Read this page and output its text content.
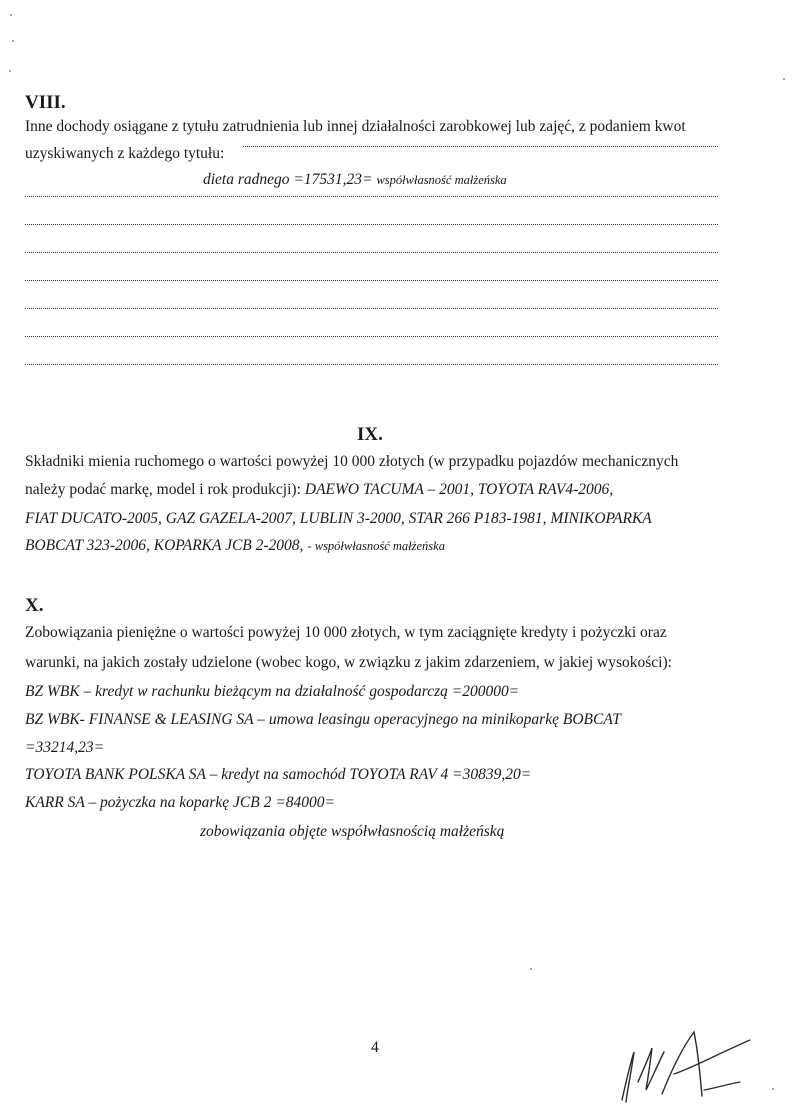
VIII.
Inne dochody osiągane z tytułu zatrudnienia lub innej działalności zarobkowej lub zajęć, z podaniem kwot
uzyskiwanych z każdego tytułu:
dieta radnego =17531,23= współwłasność małżeńska
IX.
Składniki mienia ruchomego o wartości powyżej 10 000 złotych (w przypadku pojazdów mechanicznych
należy podać markę, model i rok produkcji): DAEWO TACUMA – 2001, TOYOTA RAV4-2006,
FIAT DUCATO-2005, GAZ GAZELA-2007, LUBLIN 3-2000, STAR 266 P183-1981, MINIKOPARKA
BOBCAT 323-2006, KOPARKA JCB 2-2008, - współwłasność małżeńska
X.
Zobowiązania pieniężne o wartości powyżej 10 000 złotych, w tym zaciągnięte kredyty i pożyczki oraz
warunki, na jakich zostały udzielone (wobec kogo, w związku z jakim zdarzeniem, w jakiej wysokości):
BZ WBK – kredyt w rachunku bieżącym na działalność gospodarczą =200000=
BZ WBK- FINANSE & LEASING SA – umowa leasingu operacyjnego na minikoparkę BOBCAT
=33214,23=
TOYOTA BANK POLSKA SA – kredyt na samochód TOYOTA RAV 4 =30839,20=
KARR SA – pożyczka na koparkę JCB 2 =84000=
zobowiązania objęte współwłasnością małżeńską
4
